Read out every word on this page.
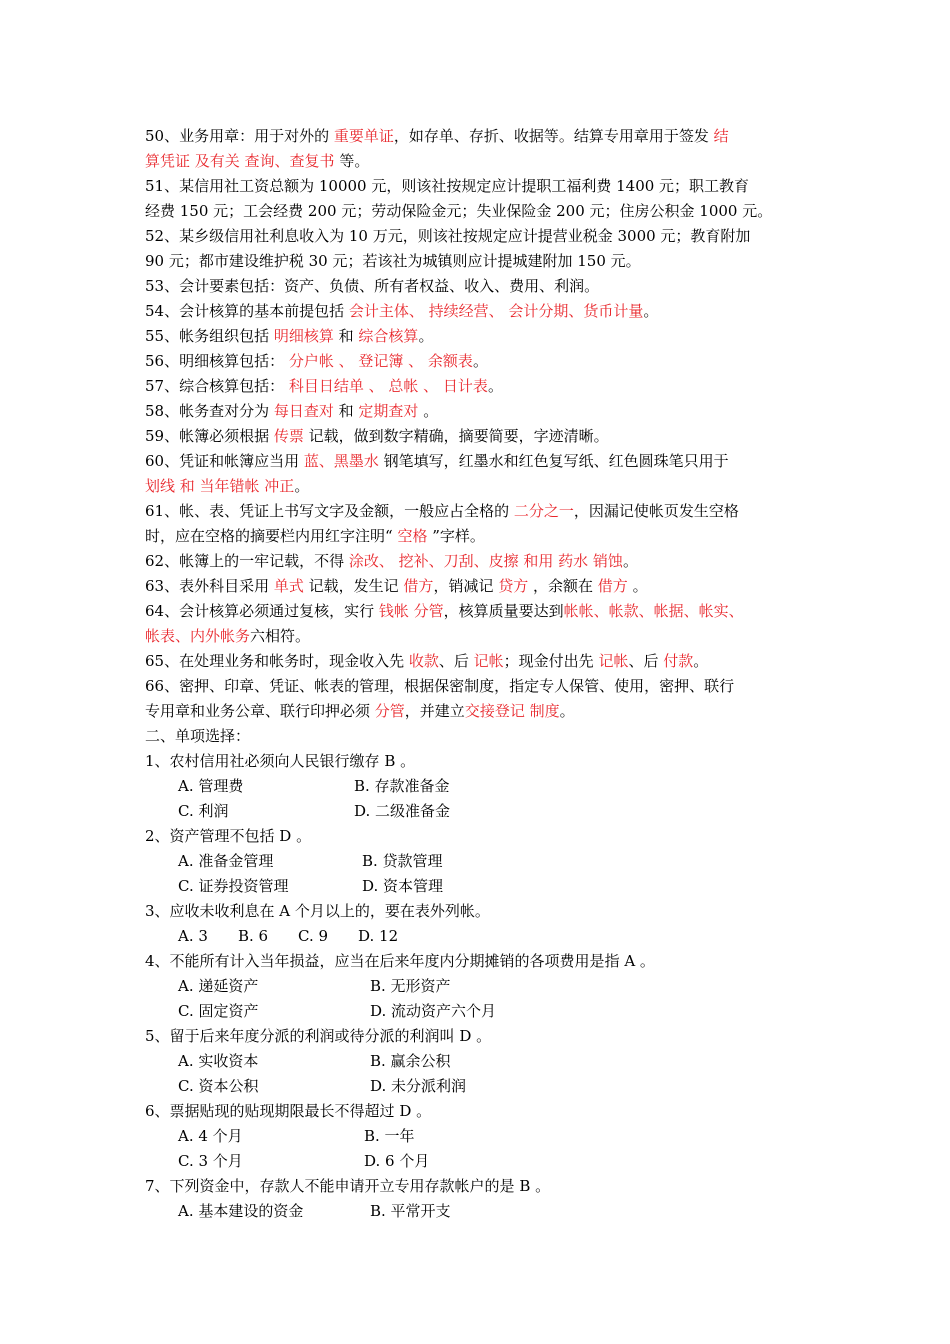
50、业务用章：用于对外的 重要单证，如存单、存折、收据等。结算专用章用于签发 结
算凭证 及有关 查询、查复书 等。
51、某信用社工资总额为 10000 元，则该社按规定应计提职工福利费 1400 元；职工教育
经费 150 元；工会经费 200 元；劳动保险金元；失业保险金 200 元；住房公积金 1000 元。
52、某乡级信用社利息收入为 10 万元，则该社按规定应计提营业税金 3000 元；教育附加
90 元；都市建设维护税 30 元；若该社为城镇则应计提城建附加 150 元。
53、会计要素包括：资产、负债、所有者权益、收入、费用、利润。
54、会计核算的基本前提包括 会计主体、 持续经营、 会计分期、货币计量。
55、帐务组织包括 明细核算 和 综合核算。
56、明细核算包括： 分户帐 、 登记簿 、 余额表。
57、综合核算包括： 科目日结单 、 总帐 、 日计表。
58、帐务查对分为 每日查对 和 定期查对 。
59、帐簿必须根据 传票 记载，做到数字精确，摘要简要，字迹清晰。
60、凭证和帐簿应当用 蓝、黑墨水 钢笔填写，红墨水和红色复写纸、红色圆珠笔只用于
划线 和 当年错帐 冲正。
61、帐、表、凭证上书写文字及金额，一般应占全格的 二分之一，因漏记使帐页发生空格
时，应在空格的摘要栏内用红字注明“ 空格 ”字样。
62、帐簿上的一牢记载，不得 涂改、 挖补、刀刮、皮擦 和用 药水 销蚀。
63、表外科目采用 单式 记载，发生记 借方，销减记 贷方 ，余额在 借方 。
64、会计核算必须通过复核，实行 钱帐 分管，核算质量要达到帐帐、帐款、帐据、帐实、
帐表、内外帐务六相符。
65、在处理业务和帐务时，现金收入先 收款、后 记帐；现金付出先 记帐、后 付款。
66、密押、印章、凭证、帐表的管理，根据保密制度，指定专人保管、使用，密押、联行
专用章和业务公章、联行印押必须 分管，并建立交接登记 制度。
二、单项选择：
1、农村信用社必须向人民银行缴存 B 。
A. 管理费	B. 存款准备金
C. 利润	D. 二级准备金
2、资产管理不包括 D 。
A. 准备金管理	B. 贷款管理
C. 证券投资管理	D. 资本管理
3、应收未收利息在 A 个月以上的，要在表外列帐。
A. 3 B. 6 C. 9 D. 12
4、不能所有计入当年损益，应当在后来年度内分期摊销的各项费用是指 A 。
A. 递延资产	B. 无形资产
C. 固定资产	D. 流动资产六个月
5、留于后来年度分派的利润或待分派的利润叫 D 。
A. 实收资本	B. 赢余公积
C. 资本公积	D. 未分派利润
6、票据贴现的贴现期限最长不得超过 D 。
A. 4 个月	B. 一年
C. 3 个月	D. 6 个月
7、下列资金中，存款人不能申请开立专用存款帐户的是 B 。
A. 基本建设的资金	B. 平常开支
